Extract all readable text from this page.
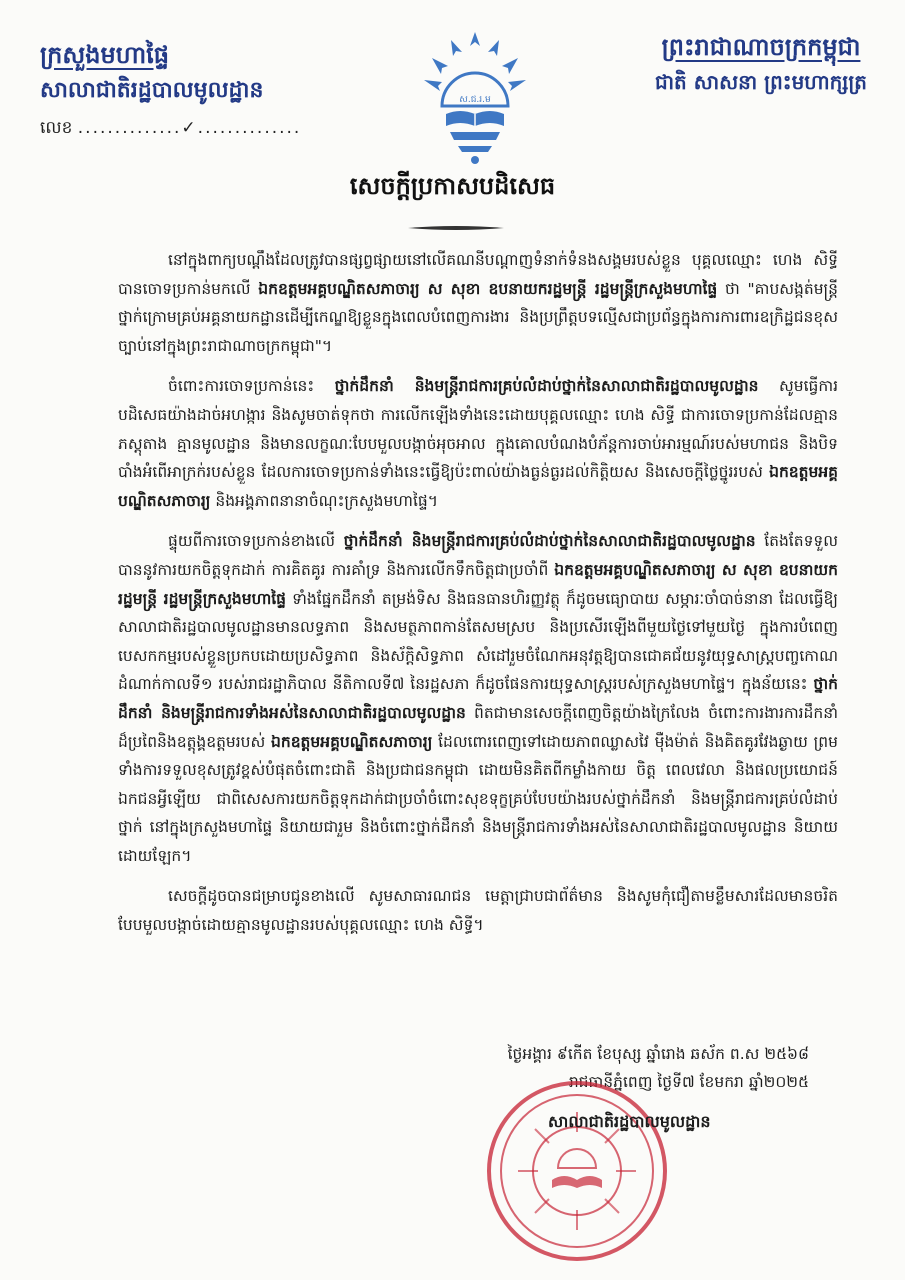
ក្រសួងមហាផ្ទៃ
សាលាជាតិរដ្ឋបាលមូលដ្ឋាន
លេខ ..............✓..............
ស.ជ.រ.ម
ព្រះរាជាណាចក្រកម្ពុជា
ជាតិ សាសនា ព្រះមហាក្សត្រ
សេចក្ដីប្រកាសបដិសេធ

នៅក្នុងពាក្យបណ្ដឹងដែលត្រូវបានផ្សព្វផ្សាយនៅលើគណនីបណ្ដាញទំនាក់ទំនងសង្គមរបស់ខ្លួន បុគ្គលឈ្មោះ ហេង សិទ្ធី បានចោទប្រកាន់មកលើ ឯកឧត្ដមអគ្គបណ្ឌិតសភាចារ្យ ស សុខា ឧបនាយករដ្ឋមន្ត្រី រដ្ឋមន្ត្រីក្រសួងមហាផ្ទៃ ថា "គាបសង្កត់មន្ត្រីថ្នាក់ក្រោមគ្រប់អគ្គនាយកដ្ឋានដើម្បីកេណ្ឌឱ្យខ្លួនក្នុងពេលបំពេញការងារ និងប្រព្រឹត្តបទល្មើសជាប្រព័ន្ធក្នុងការការពារឧក្រិដ្ឋជនខុសច្បាប់នៅក្នុងព្រះរាជាណាចក្រកម្ពុជា"។

ចំពោះការចោទប្រកាន់នេះ ថ្នាក់ដឹកនាំ និងមន្ត្រីរាជការគ្រប់លំដាប់ថ្នាក់នៃសាលាជាតិរដ្ឋបាលមូលដ្ឋាន សូមធ្វើការបដិសេធយ៉ាងដាច់អហង្ការ និងសូមចាត់ទុកថា ការលើកឡើងទាំងនេះដោយបុគ្គលឈ្មោះ ហេង សិទ្ធី ជាការចោទប្រកាន់ដែលគ្មានភស្តុតាង គ្មានមូលដ្ឋាន និងមានលក្ខណៈបែបមួលបង្កាច់អុចអាល ក្នុងគោលបំណងបំភ័ន្តការចាប់អារម្មណ៍របស់មហាជន និងបិទបាំងអំពើអាក្រក់របស់ខ្លួន ដែលការចោទប្រកាន់ទាំងនេះធ្វើឱ្យប៉ះពាល់យ៉ាងធ្ងន់ធ្ងរដល់កិត្តិយស និងសេចក្ដីថ្លៃថ្នូររបស់ ឯកឧត្ដមអគ្គបណ្ឌិតសភាចារ្យ និងអង្គភាពនានាចំណុះក្រសួងមហាផ្ទៃ។

ផ្ទុយពីការចោទប្រកាន់ខាងលើ ថ្នាក់ដឹកនាំ និងមន្ត្រីរាជការគ្រប់លំដាប់ថ្នាក់នៃសាលាជាតិរដ្ឋបាលមូលដ្ឋាន តែងតែទទួលបាននូវការយកចិត្តទុកដាក់ ការគិតគូរ ការគាំទ្រ និងការលើកទឹកចិត្តជាប្រចាំពី ឯកឧត្ដមអគ្គបណ្ឌិតសភាចារ្យ ស សុខា ឧបនាយករដ្ឋមន្ត្រី រដ្ឋមន្ត្រីក្រសួងមហាផ្ទៃ ទាំងផ្នែកដឹកនាំ តម្រង់ទិស និងធនធានហិរញ្ញវត្ថុ ក៏ដូចមធ្យោបាយ សម្ភារៈចាំបាច់នានា ដែលធ្វើឱ្យសាលាជាតិរដ្ឋបាលមូលដ្ឋានមានលទ្ធភាព និងសមត្ថភាពកាន់តែសមស្រប និងប្រសើរឡើងពីមួយថ្ងៃទៅមួយថ្ងៃ ក្នុងការបំពេញបេសកកម្មរបស់ខ្លួនប្រកបដោយប្រសិទ្ធភាព និងស័ក្តិសិទ្ធភាព សំដៅរួមចំណែកអនុវត្តឱ្យបានជោគជ័យនូវយុទ្ធសាស្ត្របញ្ចកោណដំណាក់កាលទី១ របស់រាជរដ្ឋាភិបាល នីតិកាលទី៧ នៃរដ្ឋសភា ក៏ដូចផែនការយុទ្ធសាស្ត្ររបស់ក្រសួងមហាផ្ទៃ។ ក្នុងន័យនេះ ថ្នាក់ដឹកនាំ និងមន្ត្រីរាជការទាំងអស់នៃសាលាជាតិរដ្ឋបាលមូលដ្ឋាន ពិតជាមានសេចក្ដីពេញចិត្តយ៉ាងក្រៃលែង ចំពោះការងារការដឹកនាំដ៏ប្រពៃនិងឧត្តុង្គឧត្តមរបស់ ឯកឧត្ដមអគ្គបណ្ឌិតសភាចារ្យ ដែលពោរពេញទៅដោយភាពឈ្លាសវៃ ម៉ឺងម៉ាត់ និងគិតគូរវែងឆ្ងាយ ព្រមទាំងការទទួលខុសត្រូវខ្ពស់បំផុតចំពោះជាតិ និងប្រជាជនកម្ពុជា ដោយមិនគិតពីកម្លាំងកាយ ចិត្ត ពេលវេលា និងផលប្រយោជន៍ឯកជនអ្វីឡើយ ជាពិសេសការយកចិត្តទុកដាក់ជាប្រចាំចំពោះសុខទុក្ខគ្រប់បែបយ៉ាងរបស់ថ្នាក់ដឹកនាំ និងមន្ត្រីរាជការគ្រប់លំដាប់ថ្នាក់ នៅក្នុងក្រសួងមហាផ្ទៃ និយាយជារួម និងចំពោះថ្នាក់ដឹកនាំ និងមន្ត្រីរាជការទាំងអស់នៃសាលាជាតិរដ្ឋបាលមូលដ្ឋាន និយាយដោយឡែក។

សេចក្ដីដូចបានជម្រាបជូនខាងលើ សូមសាធារណជន មេត្តាជ្រាបជាព័ត៌មាន និងសូមកុំជឿតាមខ្លឹមសារដែលមានចរិតបែបមួលបង្កាច់ដោយគ្មានមូលដ្ឋានរបស់បុគ្គលឈ្មោះ ហេង សិទ្ធី។

ថ្ងៃអង្គារ ៩កើត ខែបុស្ស ឆ្នាំរោង ឆស័ក ព.ស ២៥៦៨
រាជធានីភ្នំពេញ ថ្ងៃទី៧ ខែមករា ឆ្នាំ២០២៥
សាលាជាតិរដ្ឋបាលមូលដ្ឋាន
